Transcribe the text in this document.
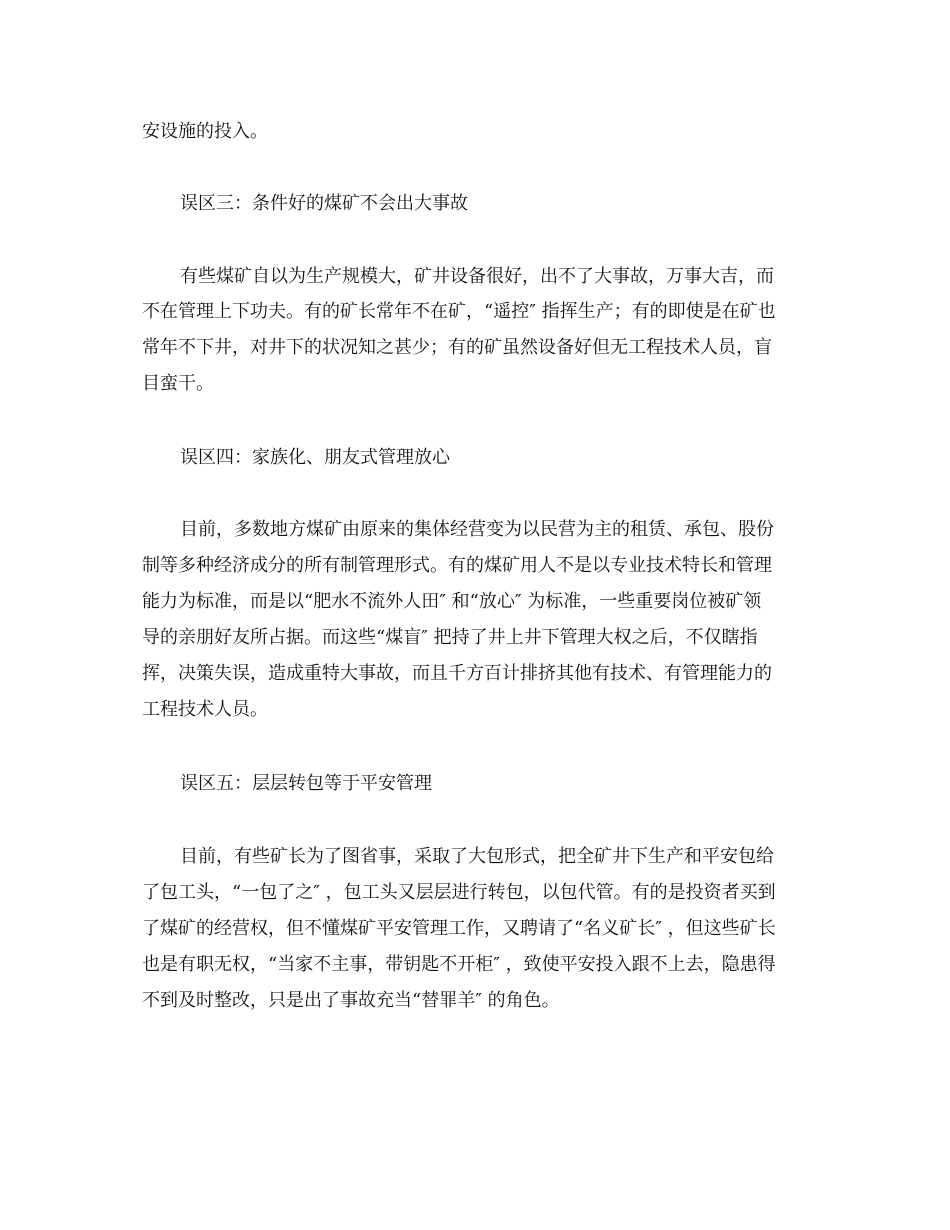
安设施的投入。
误区三：条件好的煤矿不会出大事故
有些煤矿自以为生产规模大，矿井设备很好，出不了大事故，万事大吉，而
不在管理上下功夫。有的矿长常年不在矿，“遥控″ 指挥生产；有的即使是在矿也
常年不下井，对井下的状况知之甚少；有的矿虽然设备好但无工程技术人员，盲
目蛮干。
误区四：家族化、朋友式管理放心
目前，多数地方煤矿由原来的集体经营变为以民营为主的租赁、承包、股份
制等多种经济成分的所有制管理形式。有的煤矿用人不是以专业技术特长和管理
能力为标准，而是以“肥水不流外人田″ 和“放心″ 为标准，一些重要岗位被矿领
导的亲朋好友所占据。而这些“煤盲″ 把持了井上井下管理大权之后，不仅瞎指
挥，决策失误，造成重特大事故，而且千方百计排挤其他有技术、有管理能力的
工程技术人员。
误区五：层层转包等于平安管理
目前，有些矿长为了图省事，采取了大包形式，把全矿井下生产和平安包给
了包工头，“一包了之″ ，包工头又层层进行转包，以包代管。有的是投资者买到
了煤矿的经营权，但不懂煤矿平安管理工作，又聘请了“名义矿长″ ，但这些矿长
也是有职无权，“当家不主事，带钥匙不开柜″ ，致使平安投入跟不上去，隐患得
不到及时整改，只是出了事故充当“替罪羊″ 的角色。
